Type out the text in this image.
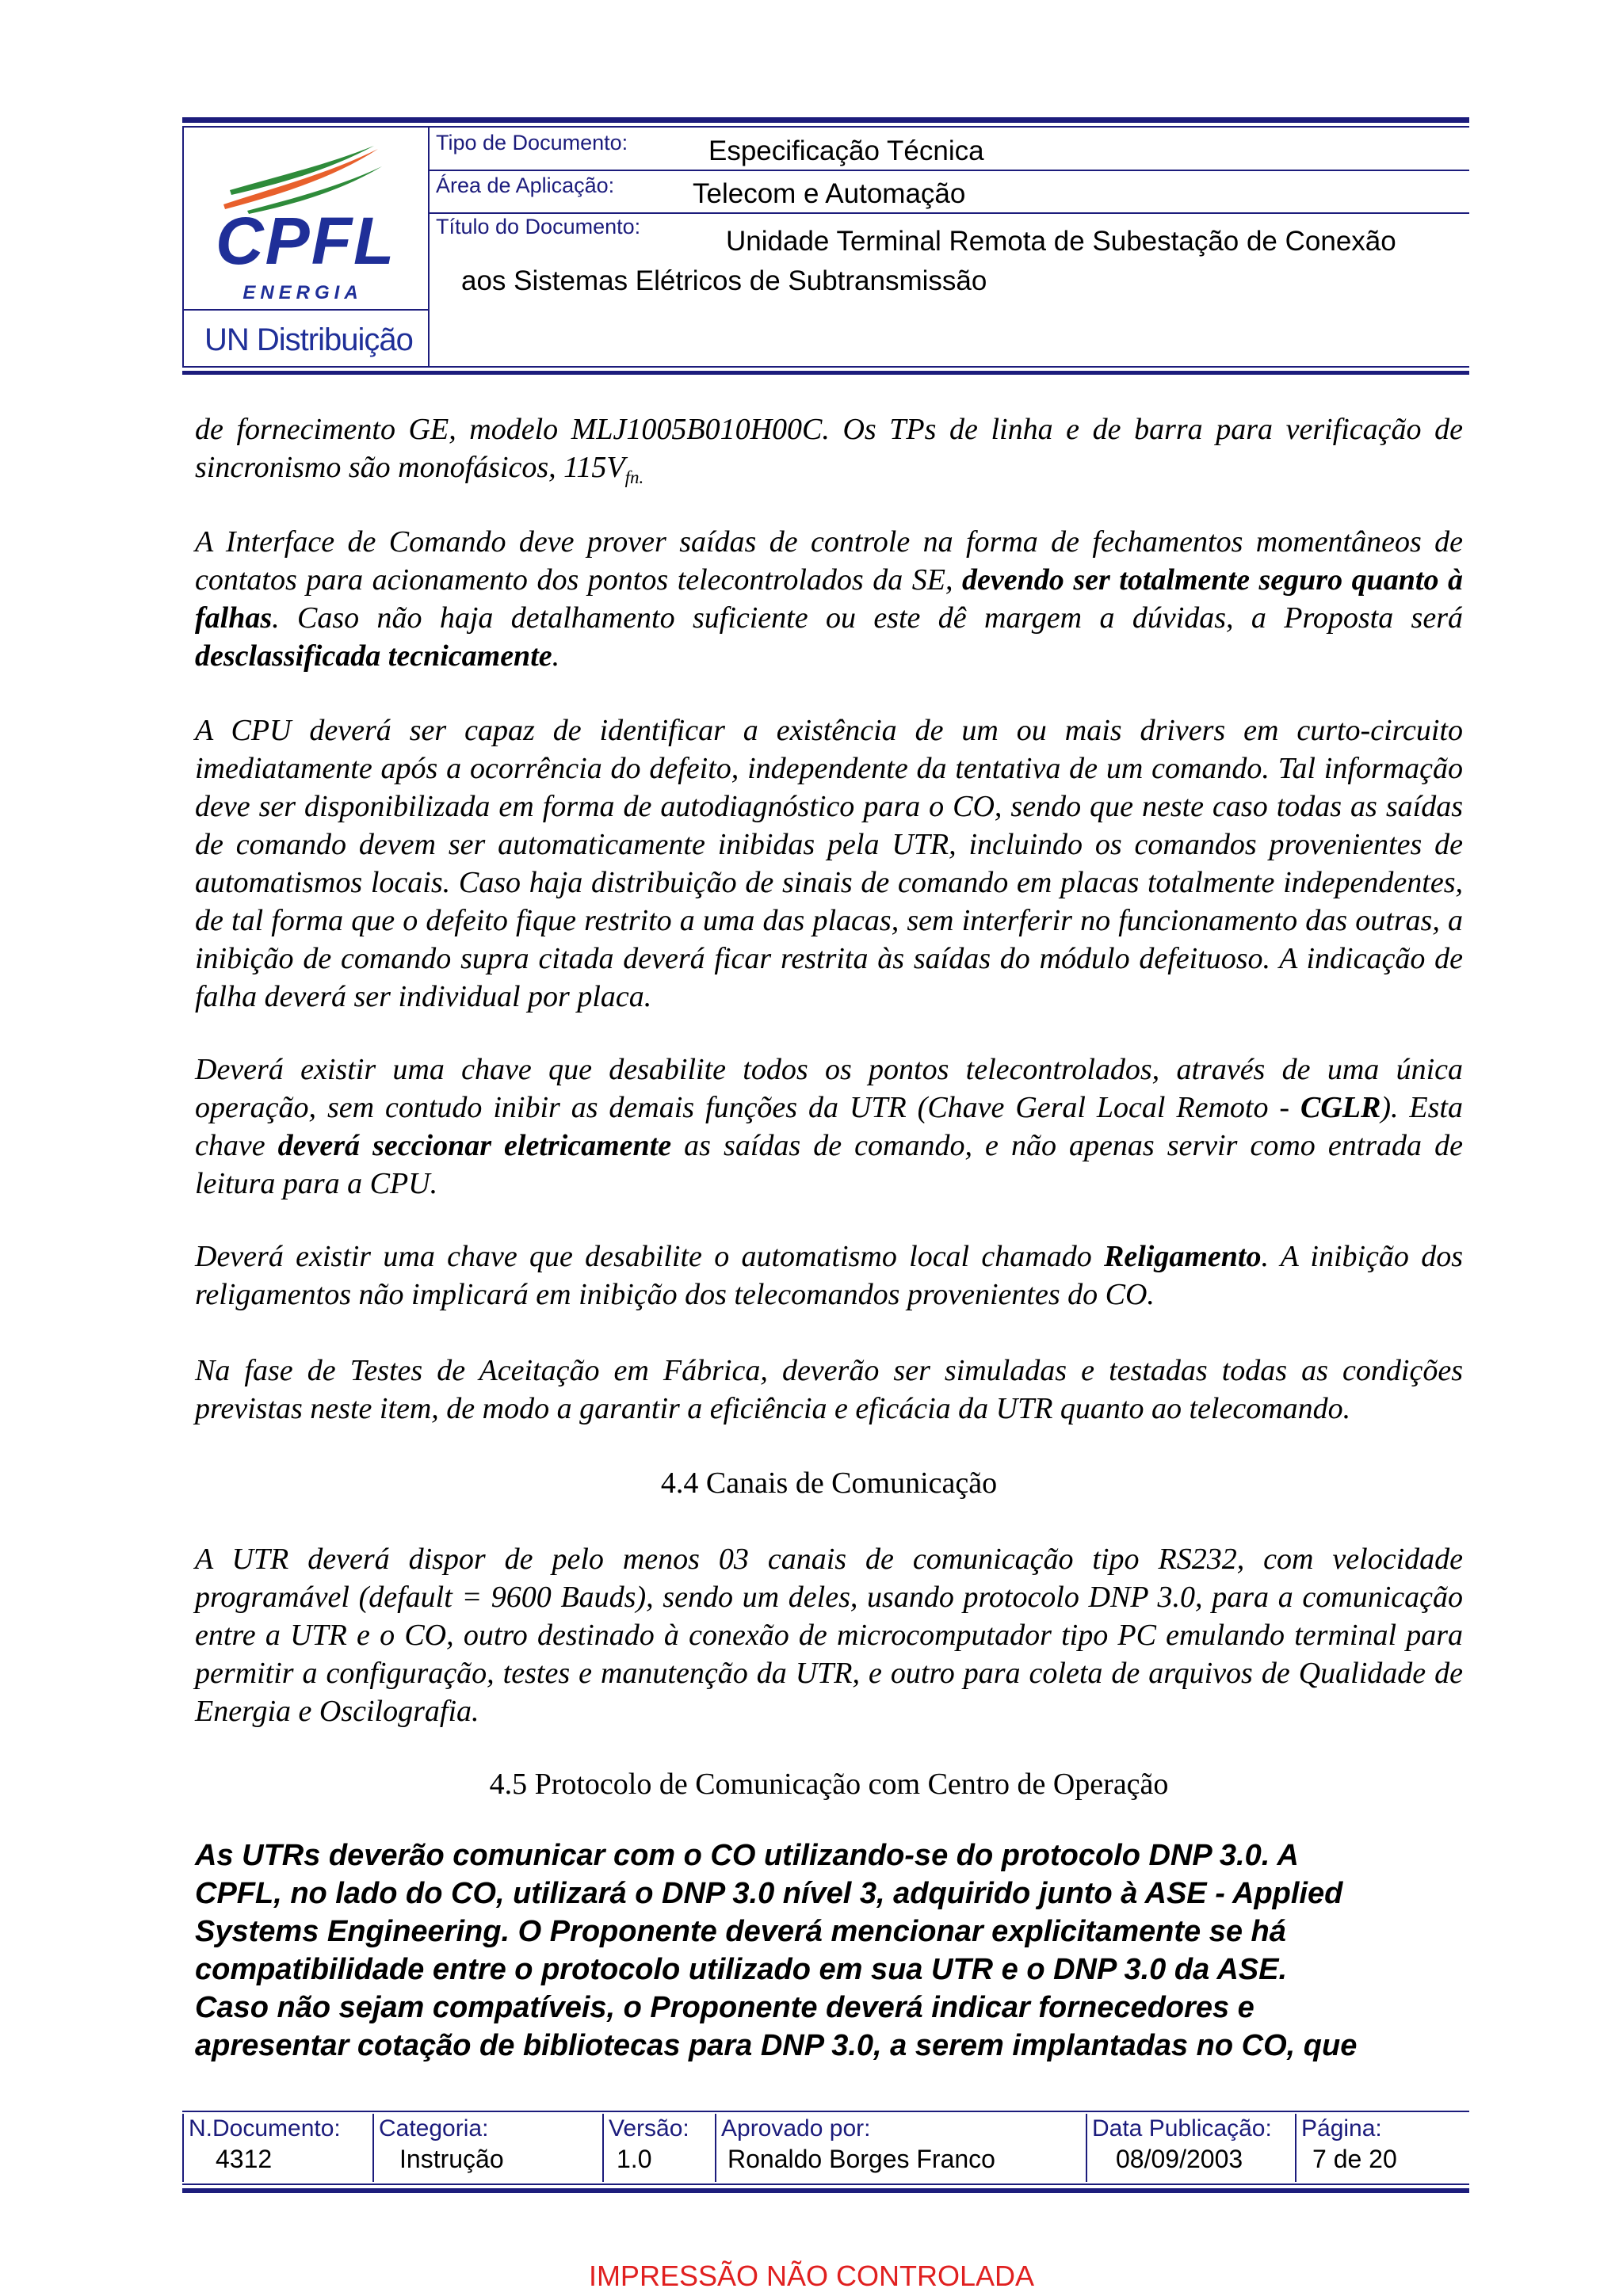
CPFL
ENERGIA
UN Distribuição
Tipo de Documento:	Especificação Técnica
Área de Aplicação:	Telecom e Automação
Título do Documento:	Unidade Terminal Remota de Subestação de Conexão
aos Sistemas Elétricos de Subtransmissão

de fornecimento GE, modelo MLJ1005B010H00C. Os TPs de linha e de barra para verificação de sincronismo são monofásicos, $115V_{fn.}$

A Interface de Comando deve prover saídas de controle na forma de fechamentos momentâneos de contatos para acionamento dos pontos telecontrolados da SE, devendo ser totalmente seguro quanto à falhas. Caso não haja detalhamento suficiente ou este dê margem a dúvidas, a Proposta será desclassificada tecnicamente.

A CPU deverá ser capaz de identificar a existência de um ou mais drivers em curto-circuito imediatamente após a ocorrência do defeito, independente da tentativa de um comando. Tal informação deve ser disponibilizada em forma de autodiagnóstico para o CO, sendo que neste caso todas as saídas de comando devem ser automaticamente inibidas pela UTR, incluindo os comandos provenientes de automatismos locais. Caso haja distribuição de sinais de comando em placas totalmente independentes, de tal forma que o defeito fique restrito a uma das placas, sem interferir no funcionamento das outras, a inibição de comando supra citada deverá ficar restrita às saídas do módulo defeituoso. A indicação de falha deverá ser individual por placa.

Deverá existir uma chave que desabilite todos os pontos telecontrolados, através de uma única operação, sem contudo inibir as demais funções da UTR (Chave Geral Local Remoto - CGLR). Esta chave deverá seccionar eletricamente as saídas de comando, e não apenas servir como entrada de leitura para a CPU.

Deverá existir uma chave que desabilite o automatismo local chamado Religamento. A inibição dos religamentos não implicará em inibição dos telecomandos provenientes do CO.

Na fase de Testes de Aceitação em Fábrica, deverão ser simuladas e testadas todas as condições previstas neste item, de modo a garantir a eficiência e eficácia da UTR quanto ao telecomando.

4.4 Canais de Comunicação

A UTR deverá dispor de pelo menos 03 canais de comunicação tipo RS232, com velocidade programável (default = 9600 Bauds), sendo um deles, usando protocolo DNP 3.0, para a comunicação entre a UTR e o CO, outro destinado à conexão de microcomputador tipo PC emulando terminal para permitir a configuração, testes e manutenção da UTR, e outro para coleta de arquivos de Qualidade de Energia e Oscilografia.

4.5 Protocolo de Comunicação com Centro de Operação
As UTRs deverão comunicar com o CO utilizando-se do protocolo DNP 3.0. A
CPFL, no lado do CO, utilizará o DNP 3.0 nível 3, adquirido junto à ASE - Applied
Systems Engineering. O Proponente deverá mencionar explicitamente se há
compatibilidade entre o protocolo utilizado em sua UTR e o DNP 3.0 da ASE.
Caso não sejam compatíveis, o Proponente deverá indicar fornecedores e
apresentar cotação de bibliotecas para DNP 3.0, a serem implantadas no CO, que
N.Documento:
4312
Categoria:
Instrução
Versão:
1.0
Aprovado por:
Ronaldo Borges Franco
Data Publicação:
08/09/2003
Página:
7 de 20
IMPRESSÃO NÃO CONTROLADA
